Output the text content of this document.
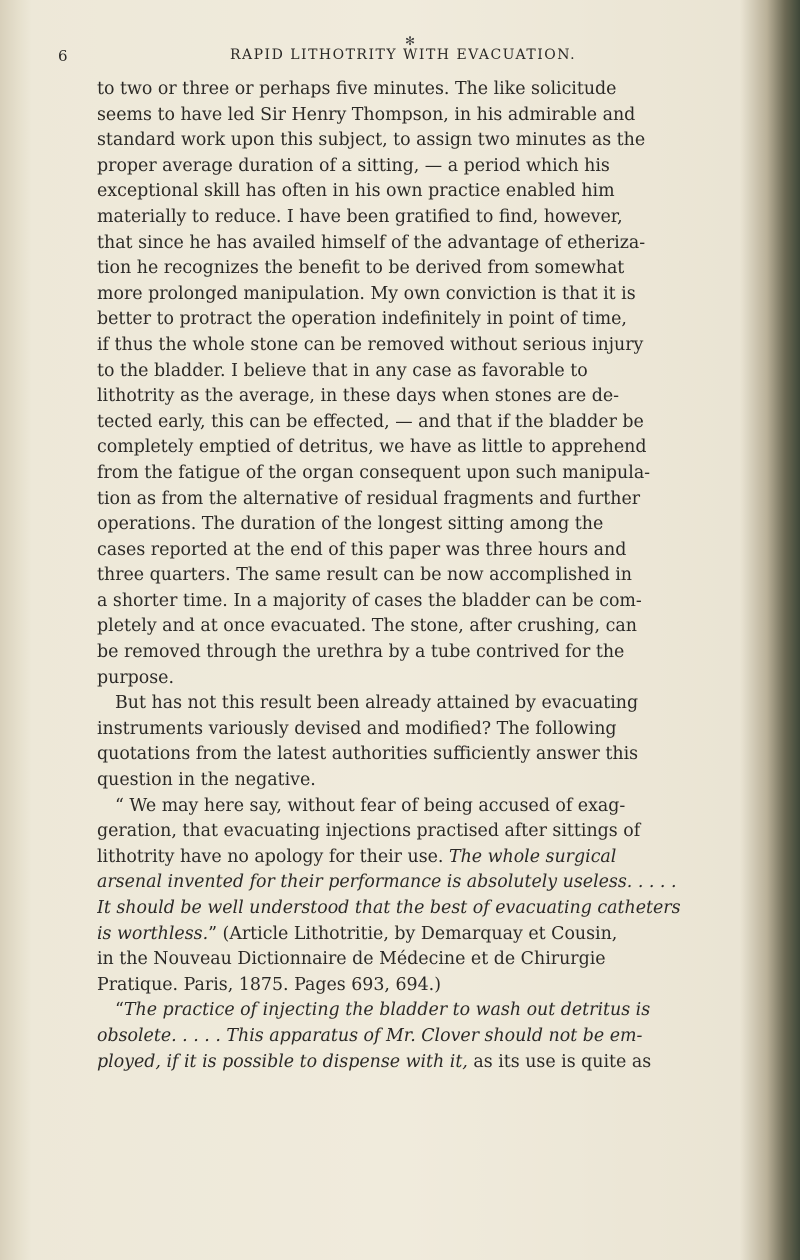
✻
6	RAPID LITHOTRITY WITH EVACUATION.
to two or three or perhaps five minutes. The like solicitude
seems to have led Sir Henry Thompson, in his admirable and
standard work upon this subject, to assign two minutes as the
proper average duration of a sitting, — a period which his
exceptional skill has often in his own practice enabled him
materially to reduce. I have been gratified to find, however,
that since he has availed himself of the advantage of etheriza-
tion he recognizes the benefit to be derived from somewhat
more prolonged manipulation. My own conviction is that it is
better to protract the operation indefinitely in point of time,
if thus the whole stone can be removed without serious injury
to the bladder. I believe that in any case as favorable to
lithotrity as the average, in these days when stones are de-
tected early, this can be effected, — and that if the bladder be
completely emptied of detritus, we have as little to apprehend
from the fatigue of the organ consequent upon such manipula-
tion as from the alternative of residual fragments and further
operations. The duration of the longest sitting among the
cases reported at the end of this paper was three hours and
three quarters. The same result can be now accomplished in
a shorter time. In a majority of cases the bladder can be com-
pletely and at once evacuated. The stone, after crushing, can
be removed through the urethra by a tube contrived for the
purpose.
But has not this result been already attained by evacuating
instruments variously devised and modified? The following
quotations from the latest authorities sufficiently answer this
question in the negative.
“ We may here say, without fear of being accused of exag-
geration, that evacuating injections practised after sittings of
lithotrity have no apology for their use. The whole surgical
arsenal invented for their performance is absolutely useless. . . . .
It should be well understood that the best of evacuating catheters
is worthless.” (Article Lithotritie, by Demarquay et Cousin,
in the Nouveau Dictionnaire de Médecine et de Chirurgie
Pratique. Paris, 1875. Pages 693, 694.)
“The practice of injecting the bladder to wash out detritus is
obsolete. . . . . This apparatus of Mr. Clover should not be em-
ployed, if it is possible to dispense with it, as its use is quite as
